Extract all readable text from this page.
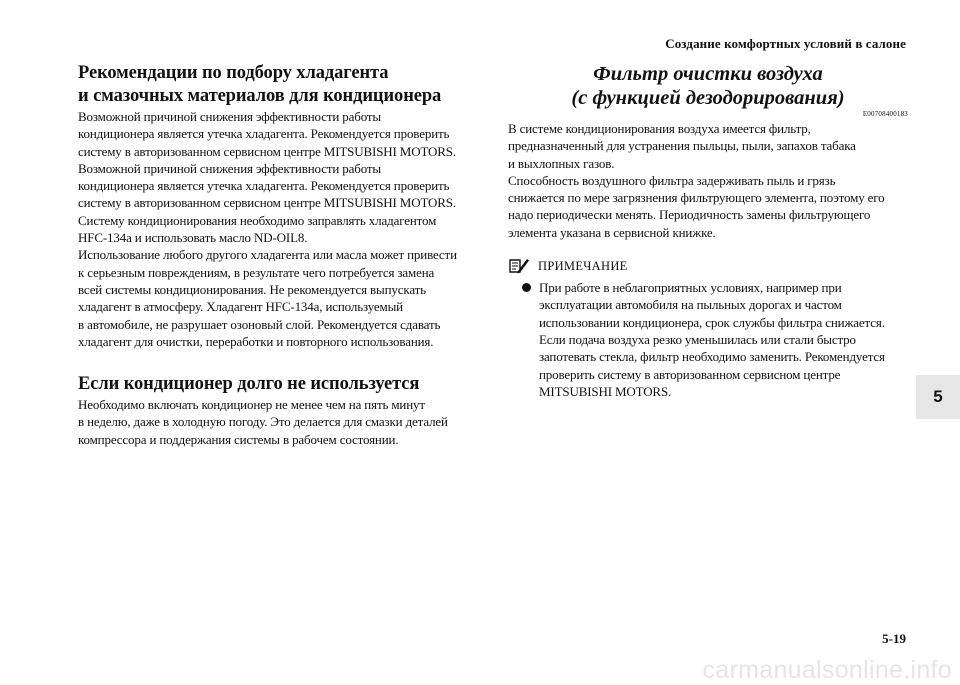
Создание комфортных условий в салоне
Рекомендации по подбору хладагента
и смазочных материалов для кондиционера

Возможной причиной снижения эффективности работы
кондиционера является утечка хладагента. Рекомендуется проверить
систему в авторизованном сервисном центре MITSUBISHI MOTORS.
Возможной причиной снижения эффективности работы
кондиционера является утечка хладагента. Рекомендуется проверить
систему в авторизованном сервисном центре MITSUBISHI MOTORS.
Систему кондиционирования необходимо заправлять хладагентом
HFC-134a и использовать масло ND-OIL8.
Использование любого другого хладагента или масла может привести
к серьезным повреждениям, в результате чего потребуется замена
всей системы кондиционирования. Не рекомендуется выпускать
хладагент в атмосферу. Хладагент HFC-134a, используемый
в автомобиле, не разрушает озоновый слой. Рекомендуется сдавать
хладагент для очистки, переработки и повторного использования.

Если кондиционер долго не используется

Необходимо включать кондиционер не менее чем на пять минут
в неделю, даже в холодную погоду. Это делается для смазки деталей
компрессора и поддержания системы в рабочем состоянии.

Фильтр очистки воздуха
(с функцией дезодорирования)
E00708400183

В системе кондиционирования воздуха имеется фильтр,
предназначенный для устранения пыльцы, пыли, запахов табака
и выхлопных газов.
Способность воздушного фильтра задерживать пыль и грязь
снижается по мере загрязнения фильтрующего элемента, поэтому его
надо периодически менять. Периодичность замены фильтрующего
элемента указана в сервисной книжке.

ПРИМЕЧАНИЕ

При работе в неблагоприятных условиях, например при
эксплуатации автомобиля на пыльных дорогах и частом
использовании кондиционера, срок службы фильтра снижается.
Если подача воздуха резко уменьшилась или стали быстро
запотевать стекла, фильтр необходимо заменить. Рекомендуется
проверить систему в авторизованном сервисном центре
MITSUBISHI MOTORS.	5
5-19
carmanualsonline.info
